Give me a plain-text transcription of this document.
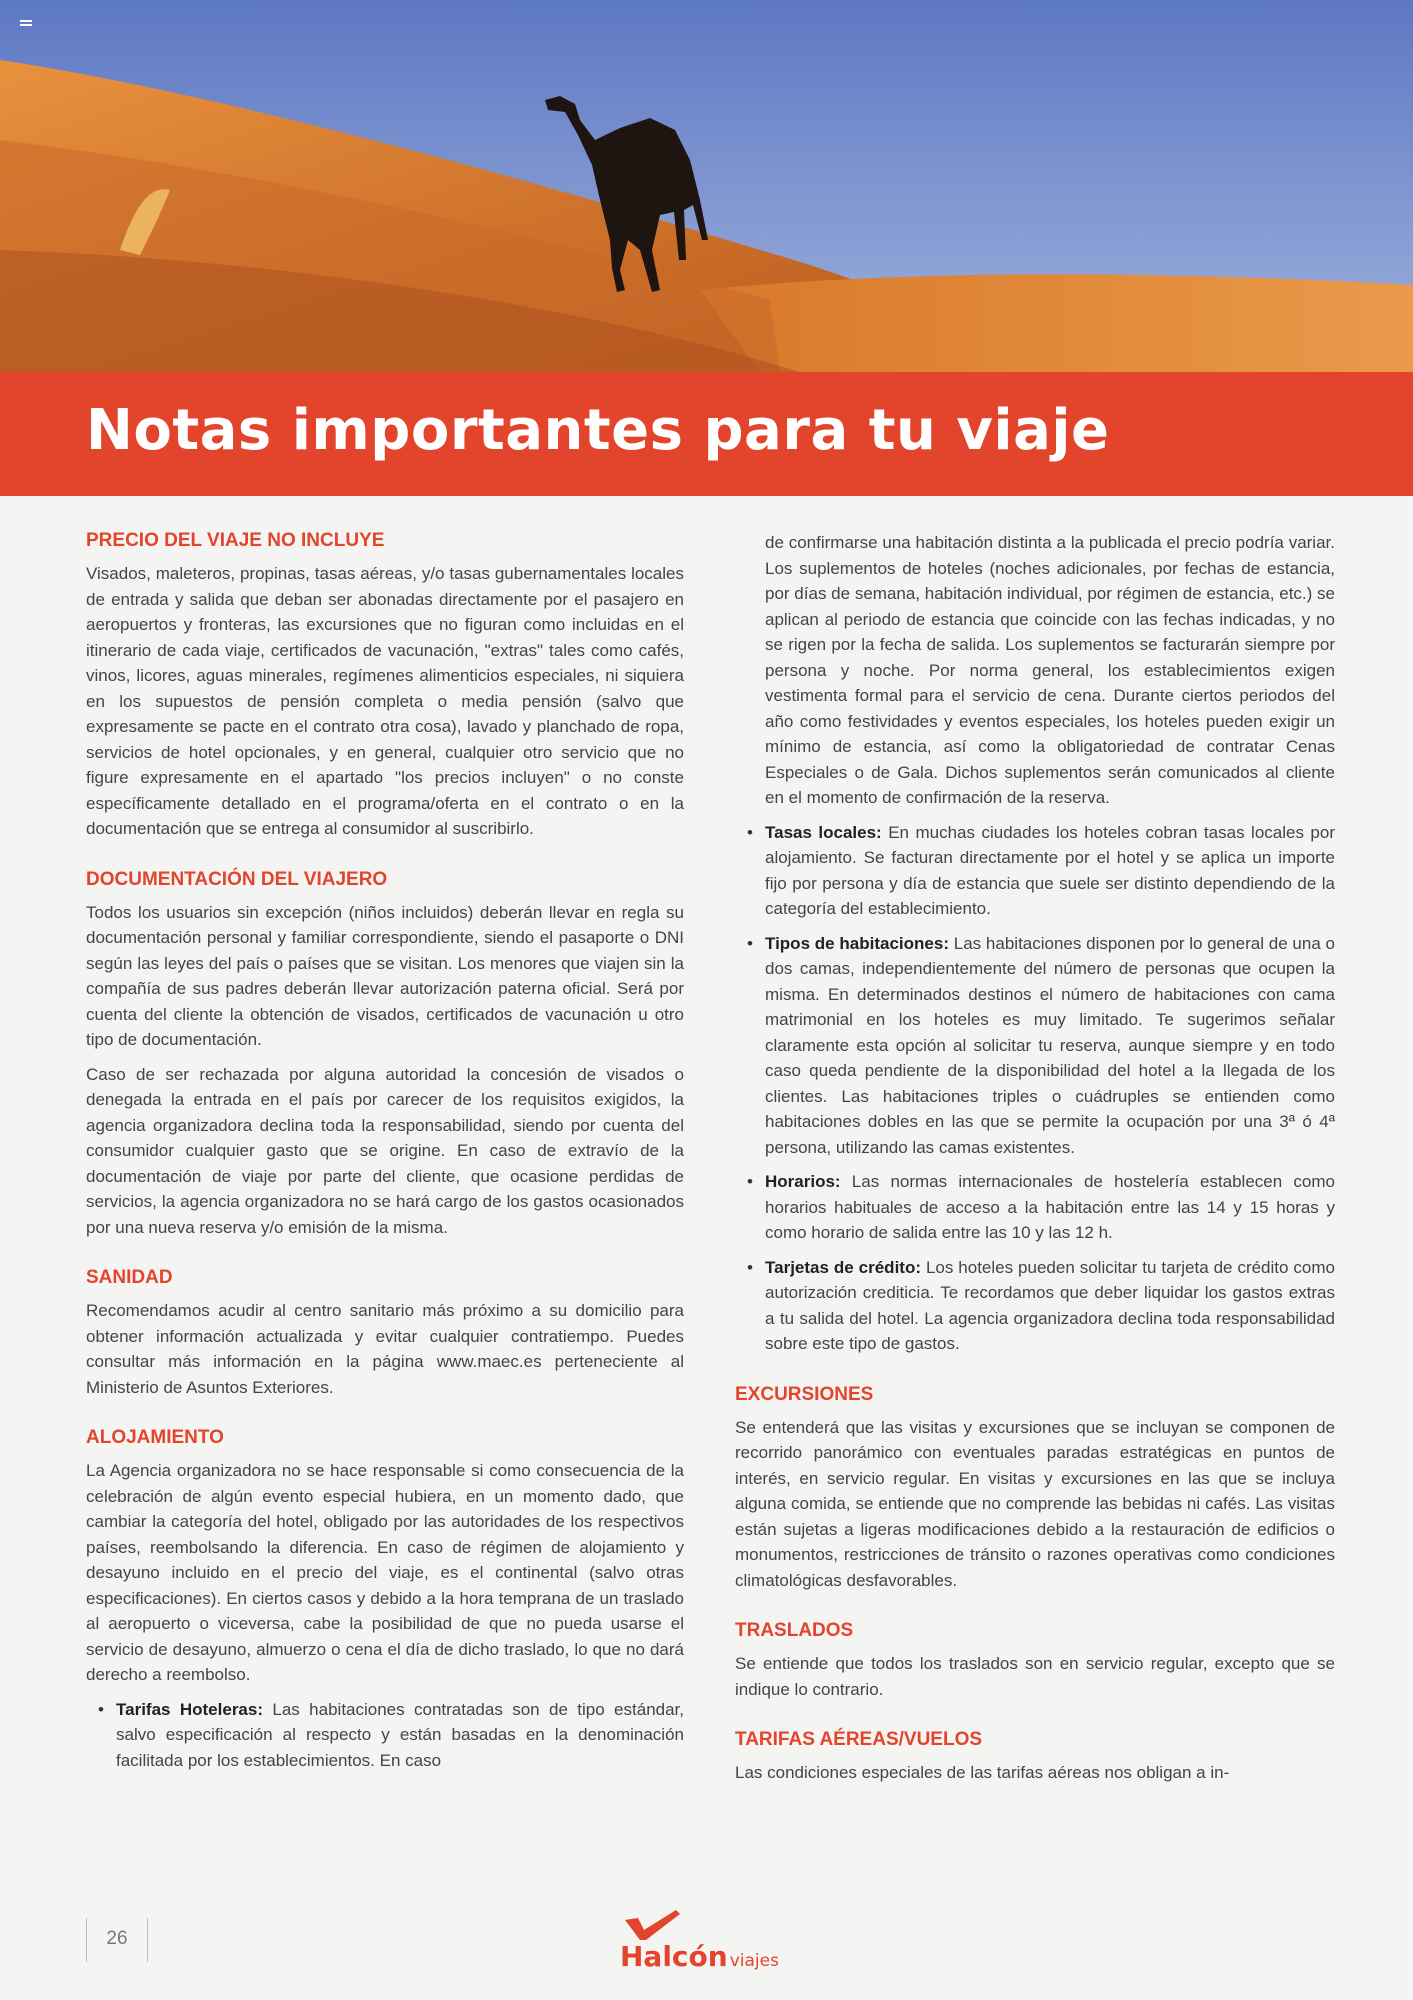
Notas importantes para tu viaje
PRECIO DEL VIAJE NO INCLUYE

Visados, maleteros, propinas, tasas aéreas, y/o tasas gubernamentales locales de entrada y salida que deban ser abonadas directamente por el pasajero en aeropuertos y fronteras, las excursiones que no figuran como incluidas en el itinerario de cada viaje, certificados de vacunación, "extras" tales como cafés, vinos, licores, aguas minerales, regímenes alimenticios especiales, ni siquiera en los supuestos de pensión completa o media pensión (salvo que expresamente se pacte en el contrato otra cosa), lavado y planchado de ropa, servicios de hotel opcionales, y en general, cualquier otro servicio que no figure expresamente en el apartado "los precios incluyen" o no conste específicamente detallado en el programa/oferta en el contrato o en la documentación que se entrega al consumidor al suscribirlo.

DOCUMENTACIÓN DEL VIAJERO

Todos los usuarios sin excepción (niños incluidos) deberán llevar en regla su documentación personal y familiar correspondiente, siendo el pasaporte o DNI según las leyes del país o países que se visitan. Los menores que viajen sin la compañía de sus padres deberán llevar autorización paterna oficial. Será por cuenta del cliente la obtención de visados, certificados de vacunación u otro tipo de documentación.

Caso de ser rechazada por alguna autoridad la concesión de visados o denegada la entrada en el país por carecer de los requisitos exigidos, la agencia organizadora declina toda la responsabilidad, siendo por cuenta del consumidor cualquier gasto que se origine. En caso de extravío de la documentación de viaje por parte del cliente, que ocasione perdidas de servicios, la agencia organizadora no se hará cargo de los gastos ocasionados por una nueva reserva y/o emisión de la misma.

SANIDAD

Recomendamos acudir al centro sanitario más próximo a su domicilio para obtener información actualizada y evitar cualquier contratiempo. Puedes consultar más información en la página www.maec.es perteneciente al Ministerio de Asuntos Exteriores.

ALOJAMIENTO

La Agencia organizadora no se hace responsable si como consecuencia de la celebración de algún evento especial hubiera, en un momento dado, que cambiar la categoría del hotel, obligado por las autoridades de los respectivos países, reembolsando la diferencia. En caso de régimen de alojamiento y desayuno incluido en el precio del viaje, es el continental (salvo otras especificaciones). En ciertos casos y debido a la hora temprana de un traslado al aeropuerto o viceversa, cabe la posibilidad de que no pueda usarse el servicio de desayuno, almuerzo o cena el día de dicho traslado, lo que no dará derecho a reembolso.

• Tarifas Hoteleras: Las habitaciones contratadas son de tipo estándar, salvo especificación al respecto y están basadas en la denominación facilitada por los establecimientos. En caso

de confirmarse una habitación distinta a la publicada el precio podría variar. Los suplementos de hoteles (noches adicionales, por fechas de estancia, por días de semana, habitación individual, por régimen de estancia, etc.) se aplican al periodo de estancia que coincide con las fechas indicadas, y no se rigen por la fecha de salida. Los suplementos se facturarán siempre por persona y noche. Por norma general, los establecimientos exigen vestimenta formal para el servicio de cena. Durante ciertos periodos del año como festividades y eventos especiales, los hoteles pueden exigir un mínimo de estancia, así como la obligatoriedad de contratar Cenas Especiales o de Gala. Dichos suplementos serán comunicados al cliente en el momento de confirmación de la reserva.

• Tasas locales: En muchas ciudades los hoteles cobran tasas locales por alojamiento. Se facturan directamente por el hotel y se aplica un importe fijo por persona y día de estancia que suele ser distinto dependiendo de la categoría del establecimiento.
• Tipos de habitaciones: Las habitaciones disponen por lo general de una o dos camas, independientemente del número de personas que ocupen la misma. En determinados destinos el número de habitaciones con cama matrimonial en los hoteles es muy limitado. Te sugerimos señalar claramente esta opción al solicitar tu reserva, aunque siempre y en todo caso queda pendiente de la disponibilidad del hotel a la llegada de los clientes. Las habitaciones triples o cuádruples se entienden como habitaciones dobles en las que se permite la ocupación por una 3ª ó 4ª persona, utilizando las camas existentes.
• Horarios: Las normas internacionales de hostelería establecen como horarios habituales de acceso a la habitación entre las 14 y 15 horas y como horario de salida entre las 10 y las 12 h.
• Tarjetas de crédito: Los hoteles pueden solicitar tu tarjeta de crédito como autorización crediticia. Te recordamos que deber liquidar los gastos extras a tu salida del hotel. La agencia organizadora declina toda responsabilidad sobre este tipo de gastos.
EXCURSIONES

Se entenderá que las visitas y excursiones que se incluyan se componen de recorrido panorámico con eventuales paradas estratégicas en puntos de interés, en servicio regular. En visitas y excursiones en las que se incluya alguna comida, se entiende que no comprende las bebidas ni cafés. Las visitas están sujetas a ligeras modificaciones debido a la restauración de edificios o monumentos, restricciones de tránsito o razones operativas como condiciones climatológicas desfavorables.

TRASLADOS

Se entiende que todos los traslados son en servicio regular, excepto que se indique lo contrario.

TARIFAS AÉREAS/VUELOS

Las condiciones especiales de las tarifas aéreas nos obligan a in-

26
Halcón viajes
